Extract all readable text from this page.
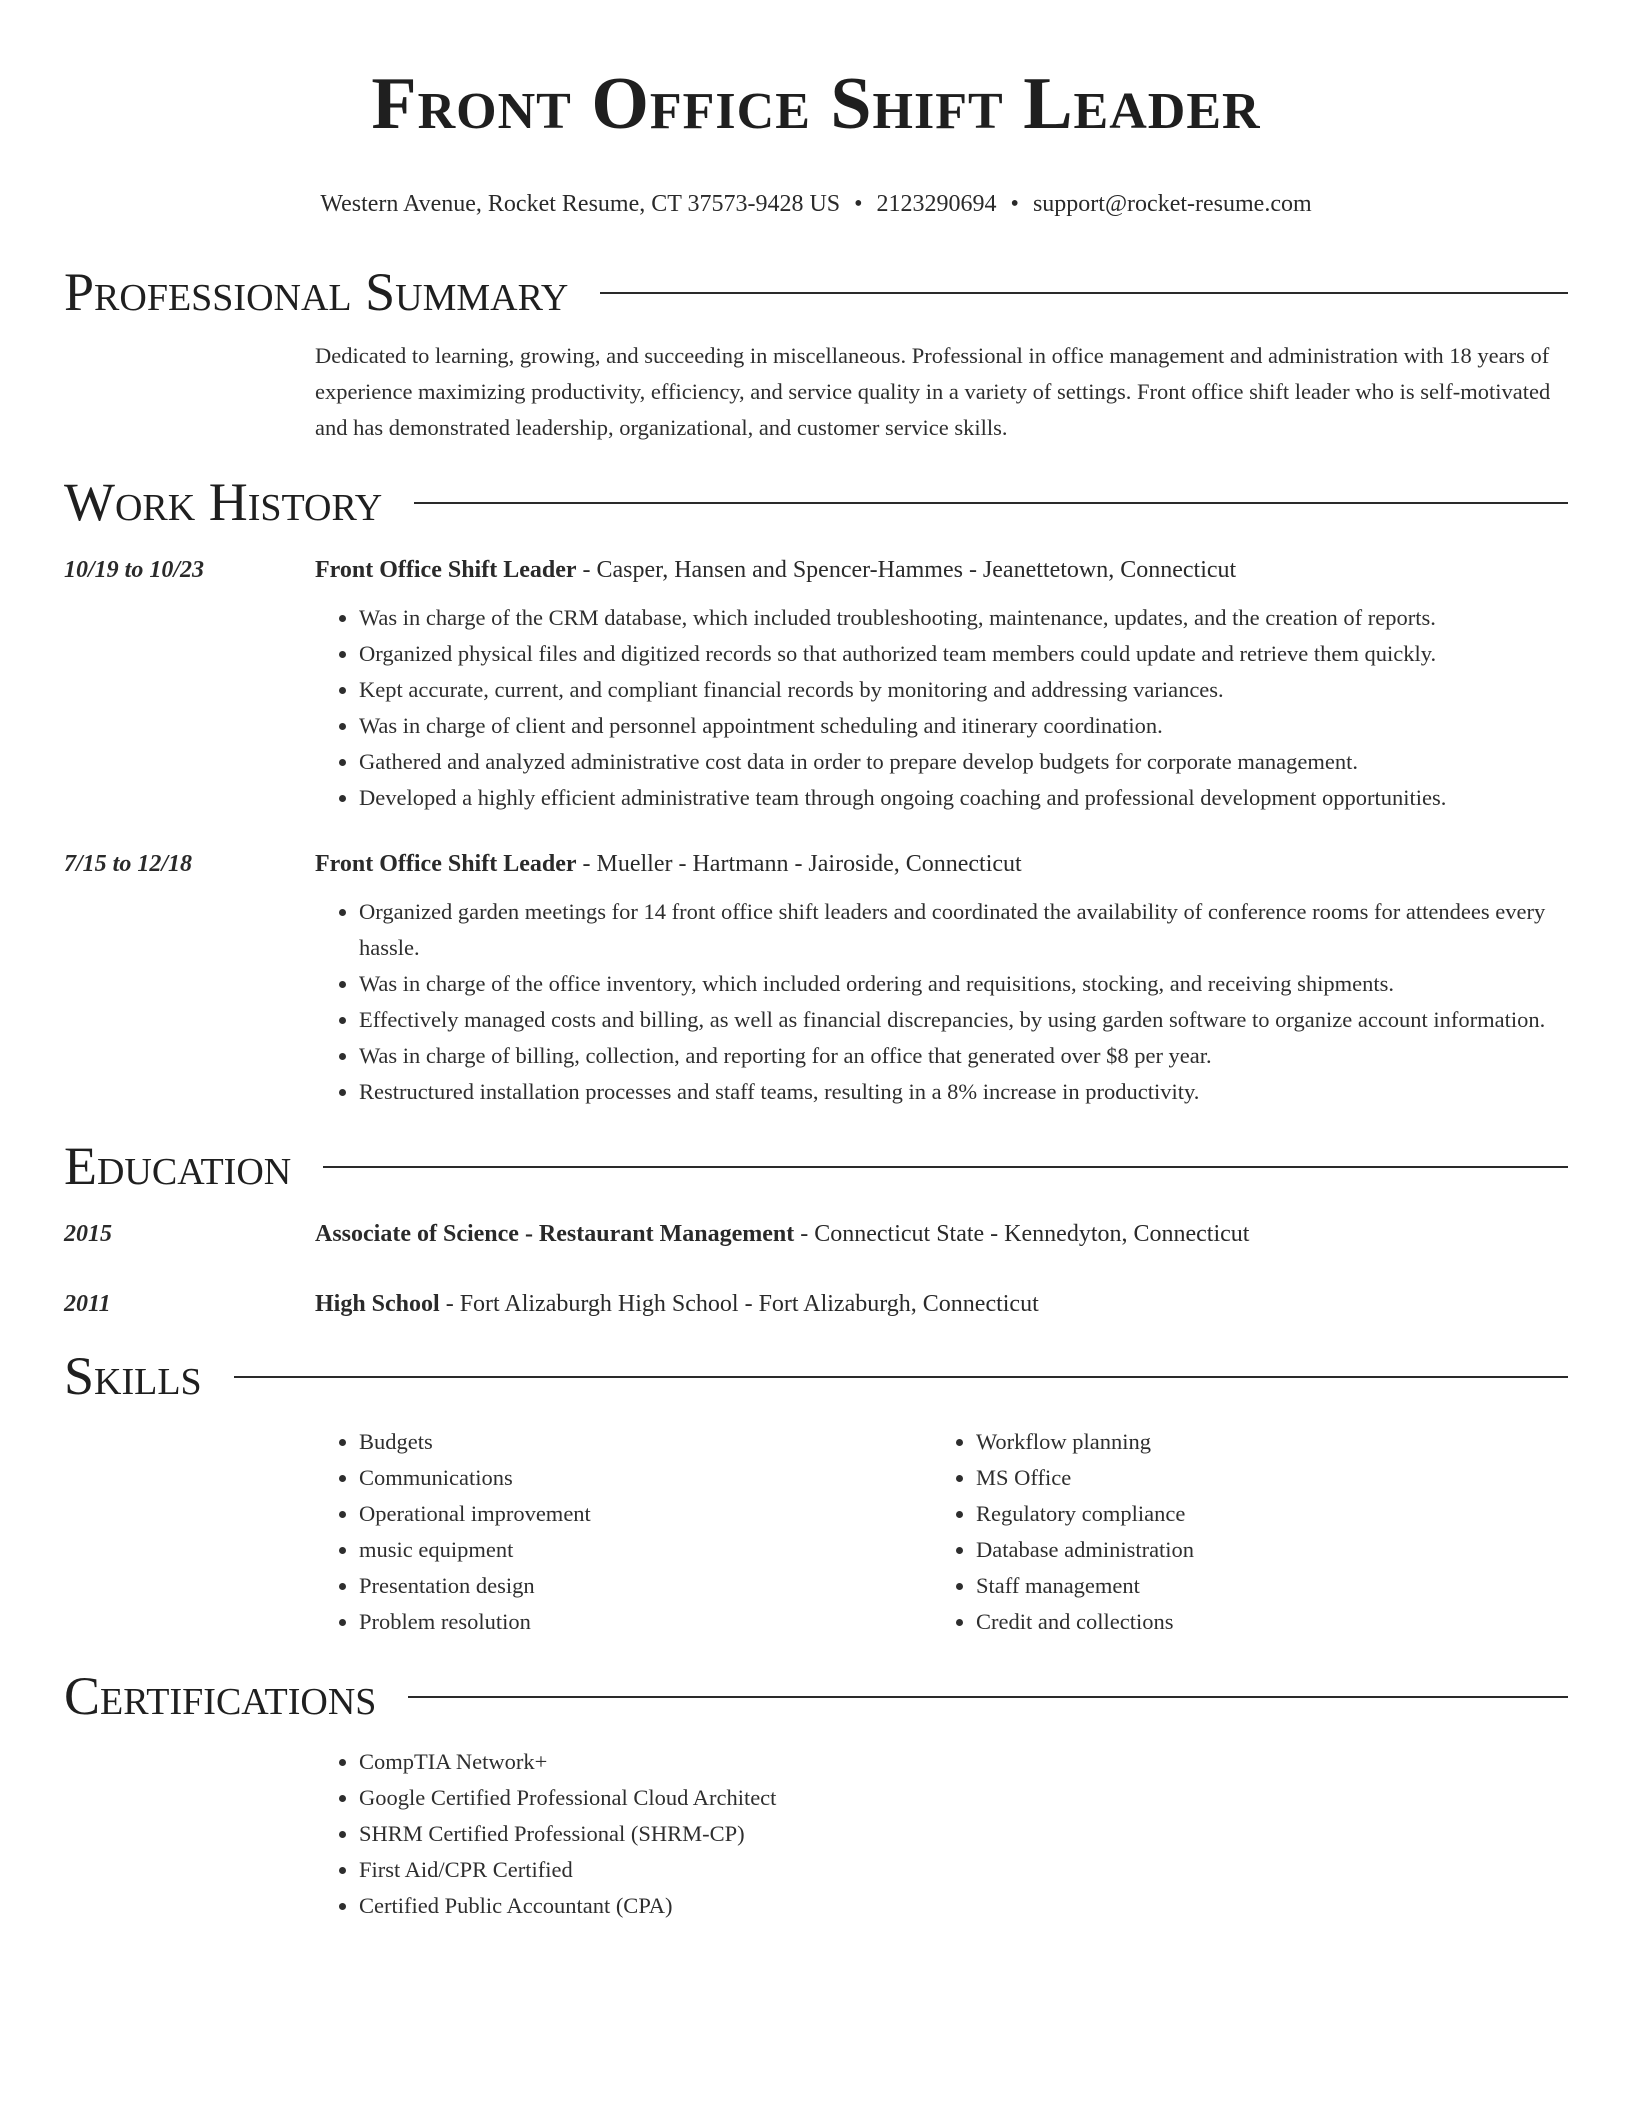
Front Office Shift Leader
Western Avenue, Rocket Resume, CT 37573-9428 US • 2123290694 • support@rocket-resume.com
Professional Summary
Dedicated to learning, growing, and succeeding in miscellaneous. Professional in office management and administration with 18 years of experience maximizing productivity, efficiency, and service quality in a variety of settings. Front office shift leader who is self-motivated and has demonstrated leadership, organizational, and customer service skills.
Work History
10/19 to 10/23	Front Office Shift Leader - Casper, Hansen and Spencer-Hammes - Jeanettetown, Connecticut
• Was in charge of the CRM database, which included troubleshooting, maintenance, updates, and the creation of reports.
• Organized physical files and digitized records so that authorized team members could update and retrieve them quickly.
• Kept accurate, current, and compliant financial records by monitoring and addressing variances.
• Was in charge of client and personnel appointment scheduling and itinerary coordination.
• Gathered and analyzed administrative cost data in order to prepare develop budgets for corporate management.
• Developed a highly efficient administrative team through ongoing coaching and professional development opportunities.
7/15 to 12/18	Front Office Shift Leader - Mueller - Hartmann - Jairoside, Connecticut
• Organized garden meetings for 14 front office shift leaders and coordinated the availability of conference rooms for attendees every hassle.
• Was in charge of the office inventory, which included ordering and requisitions, stocking, and receiving shipments.
• Effectively managed costs and billing, as well as financial discrepancies, by using garden software to organize account information.
• Was in charge of billing, collection, and reporting for an office that generated over $8 per year.
• Restructured installation processes and staff teams, resulting in a 8% increase in productivity.
Education
2015	Associate of Science - Restaurant Management - Connecticut State - Kennedyton, Connecticut
2011	High School - Fort Alizaburgh High School - Fort Alizaburgh, Connecticut
Skills
• Budgets
• Communications
• Operational improvement
• music equipment
• Presentation design
• Problem resolution
• Workflow planning
• MS Office
• Regulatory compliance
• Database administration
• Staff management
• Credit and collections
Certifications
• CompTIA Network+
• Google Certified Professional Cloud Architect
• SHRM Certified Professional (SHRM-CP)
• First Aid/CPR Certified
• Certified Public Accountant (CPA)
